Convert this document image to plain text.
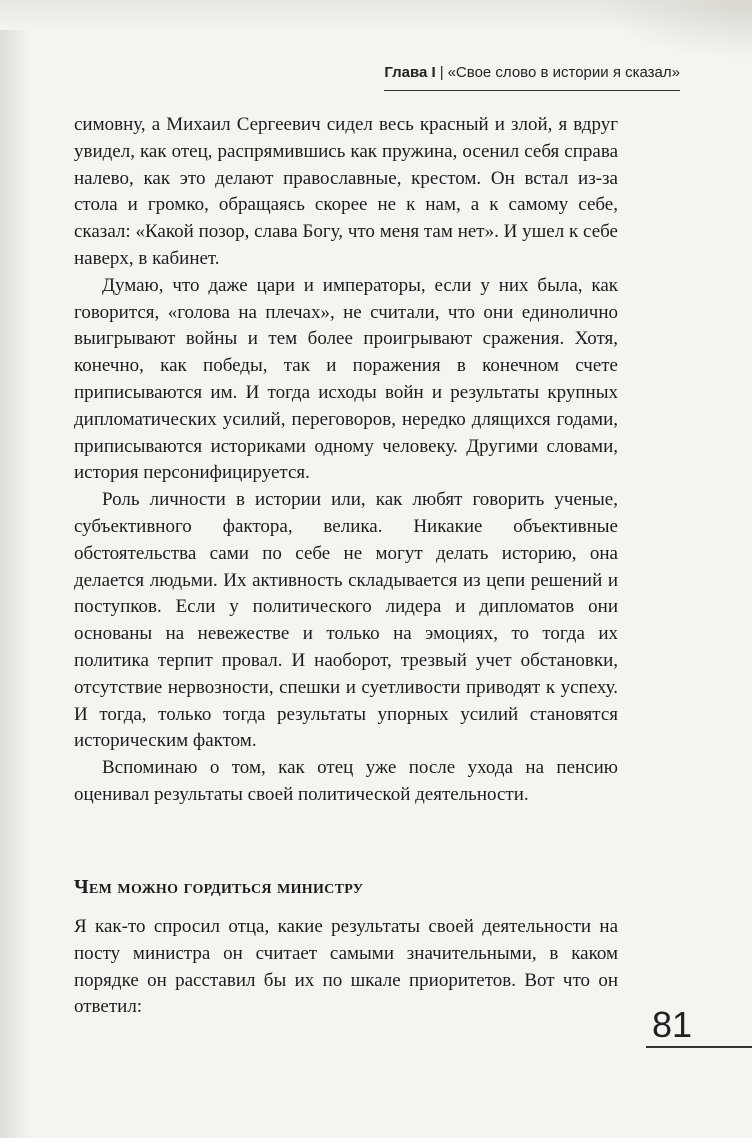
Глава I | «Свое слово в истории я сказал»

симовну, а Михаил Сергеевич сидел весь красный и злой, я вдруг увидел, как отец, распрямившись как пружина, осенил себя справа налево, как это делают православные, крестом. Он встал из-за стола и громко, обращаясь скорее не к нам, а к самому себе, сказал: «Какой позор, слава Богу, что меня там нет». И ушел к себе наверх, в кабинет.

Думаю, что даже цари и императоры, если у них была, как говорится, «голова на плечах», не считали, что они единолично выигрывают войны и тем более проигрывают сражения. Хотя, конечно, как победы, так и поражения в конечном счете приписываются им. И тогда исходы войн и результаты крупных дипломатических усилий, переговоров, нередко длящихся годами, приписываются историками одному человеку. Другими словами, история персонифицируется.

Роль личности в истории или, как любят говорить ученые, субъективного фактора, велика. Никакие объективные обстоятельства сами по себе не могут делать историю, она делается людьми. Их активность складывается из цепи решений и поступков. Если у политического лидера и дипломатов они основаны на невежестве и только на эмоциях, то тогда их политика терпит провал. И наоборот, трезвый учет обстановки, отсутствие нервозности, спешки и суетливости приводят к успеху. И тогда, только тогда результаты упорных усилий становятся историческим фактом.

Вспоминаю о том, как отец уже после ухода на пенсию оценивал результаты своей политической деятельности.

Чем можно гордиться министру

Я как-то спросил отца, какие результаты своей деятельности на посту министра он считает самыми значительными, в каком порядке он расставил бы их по шкале приоритетов. Вот что он ответил:	81
